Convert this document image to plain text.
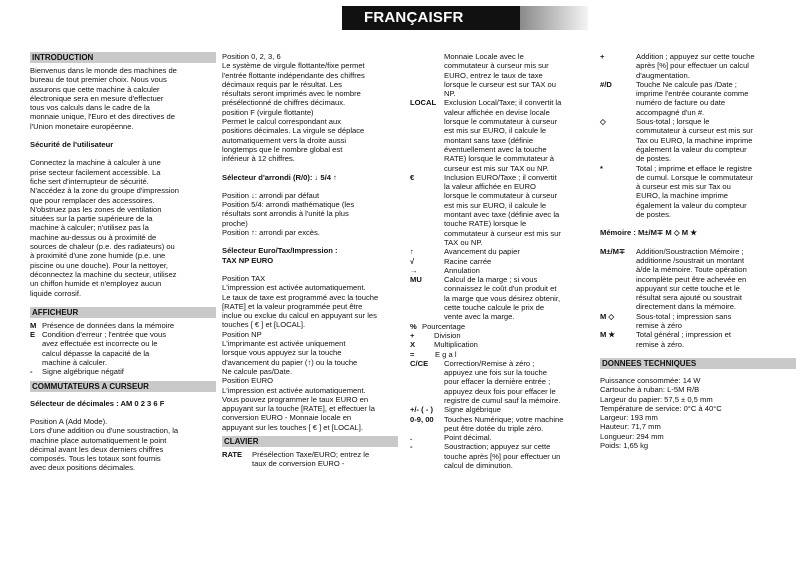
FRANÇAISFR
INTRODUCTION
Bienvenus dans le monde des machines de
bureau de tout premier choix. Nous vous
assurons que cette machine à calculer
électronique sera en mesure d'effectuer
tous vos calculs dans le cadre de la
monnaie unique, l'Euro et des directives de
l'Union monetaire européenne.

Sécurité de l'utilisateur

Connectez la machine à calculer à une
prise secteur facilement accessible. La
fiche sert d'interrupteur de sécurité.
N'accédez à la zone du groupe d'impression
que pour remplacer des accessoires.
N'obstruez pas les zones de ventilation
situées sur la partie supérieure de la
machine à calculer; n'utilisez pas la
machine au-dessus ou à proximité de
sources de chaleur (p.e. des radiateurs) ou
à proximité d'une zone humide (p.e. une
piscine ou une douche). Pour la nettoyer,
déconnectez la machine du secteur, utilisez
un chiffon humide et n'employez aucun
liquide corrosif.
AFFICHEUR
M Présence de données dans la mémoire
E Condition d'erreur ; l'entrée que vous
avez effectuée est incorrecte ou le
calcul dépasse la capacité de la
machine à calculer.
-	Signe algébrique négatif
COMMUTATEURS A CURSEUR

Sélecteur de décimales : AM 0 2 3 6 F

Position A (Add Mode).

Lors d'une addition ou d'une soustraction, la
machine place automatiquement le point
décimal avant les deux derniers chiffres
composés. Tous les totaux sont fournis
avec deux positions décimales.

Position 0, 2, 3, 6

Le système de virgule flottante/fixe permet
l'entrée flottante indépendante des chiffres
décimaux requis par le résultat. Les
résultats seront imprimés avec le nombre
présélectionné de chiffres décimaux.

position F (virgule flottante)

Permet le calcul correspondant aux
positions décimales. La virgule se déplace
automatiquement vers la droite aussi
longtemps que le nombre global est
inférieur à 12 chiffres.

Sélecteur d'arrondi (R/0): ↓ 5/4 ↑

Position ↓: arrondi par défaut
Position 5/4: arrondi mathématique (les
résultats sont arrondis à l'unité la plus
proche)
Position ↑: arrondi par excès.
Sélecteur Euro/Tax/Impression :
TAX NP EURO

Position TAX

L'impression est activée automatiquement.
Le taux de taxe est programmé avec la touche
[RATE] et la valeur programmée peut être
inclue ou exclue du calcul en appuyant sur les
touches [ € ] et [LOCAL].

Position NP

L'imprimante est activée uniquement
lorsque vous appuyez sur la touche
d'avancement du papier (↑) ou la touche
Ne calcule pas/Date.

Position EURO

L'impression est activée automatiquement.
Vous pouvez programmer le taux EURO en
appuyant sur la touche [RATE], et effectuer la
conversion EURO - Monnaie locale en
appuyant sur les touches [ € ] et [LOCAL].
CLAVIER
RATE	Présélection Taxe/EURO; entrez le
taux de conversion EURO -
Monnaie Locale avec le
commutateur à curseur mis sur
EURO, entrez le taux de taxe
lorsque le curseur est sur TAX ou
NP.
LOCAL	Exclusion Local/Taxe; il convertit la
valeur affichée en devise locale
lorsque le commutateur à curseur
est mis sur EURO, il calcule le
montant sans taxe (définie
éventuellement avec la touche
RATE) lorsque le commutateur à
curseur est mis sur TAX ou NP.
€	Inclusion EURO/Taxe ; il convertit
la valeur affichée en EURO
lorsque le commutateur à curseur
est mis sur EURO, il calcule le
montant avec taxe (définie avec la
touche RATE) lorsque le
commutateur à curseur est mis sur
TAX ou NP.
↑	Avancement du papier
√	Racine carrée
→	Annulation
MU	Calcul de la marge ; si vous
connaissez le coût d'un produit et
la marge que vous désirez obtenir,
cette touche calcule le prix de
vente avec la marge.
% Pourcentage
+	Division
X	Multiplication
=	E g a l
C/CE	Correction/Remise à zéro ;
appuyez une fois sur la touche
pour effacer la dernière entrée ;
appuyez deux fois pour effacer le
registre de cumul sauf la mémoire.
+/- ( - )	Signe algébrique
0-9, 00	Touches Numérique; votre machine
peut être dotée du triple zéro.
.	Point décimal.
-	Soustraction; appuyez sur cette
touche après [%] pour effectuer un
calcul de diminution.
+	Addition ; appuyez sur cette touche
après [%] pour effectuer un calcul
d'augmentation.
#/D	Touche Ne calcule pas /Date ;
imprime l'entrée courante comme
numéro de facture ou date
accompagné d'un #.
◇	Sous-total ; lorsque le
commutateur à curseur est mis sur
Tax ou EURO, la machine imprime
également la valeur du compteur
de postes.
*	Total ; imprime et efface le registre
de cumul. Lorsque le commutateur
à curseur est mis sur Tax ou
EURO, la machine imprime
également la valeur du compteur
de postes.

Mémoire : M±/M∓ M ◇ M ★

M±/M∓	Addition/Soustraction Mémoire ;
additionne /soustrait un montant
à/de la mémoire. Toute opération
incomplète peut être achevée en
appuyant sur cette touche et le
résultat sera ajouté ou soustrait
directement dans la mémoire.
M ◇	Sous-total ; impression sans
remise à zéro
M ★	Total général ; impression et
remise à zéro.
DONNEES TECHNIQUES
Puissance consommée: 14 W
Cartouche à ruban: L-5M R/B
Largeur du papier: 57,5 ± 0,5 mm
Température de service: 0°C à 40°C
Largeur: 193 mm
Hauteur: 71,7 mm
Longueur: 294 mm
Poids: 1,65 kg
